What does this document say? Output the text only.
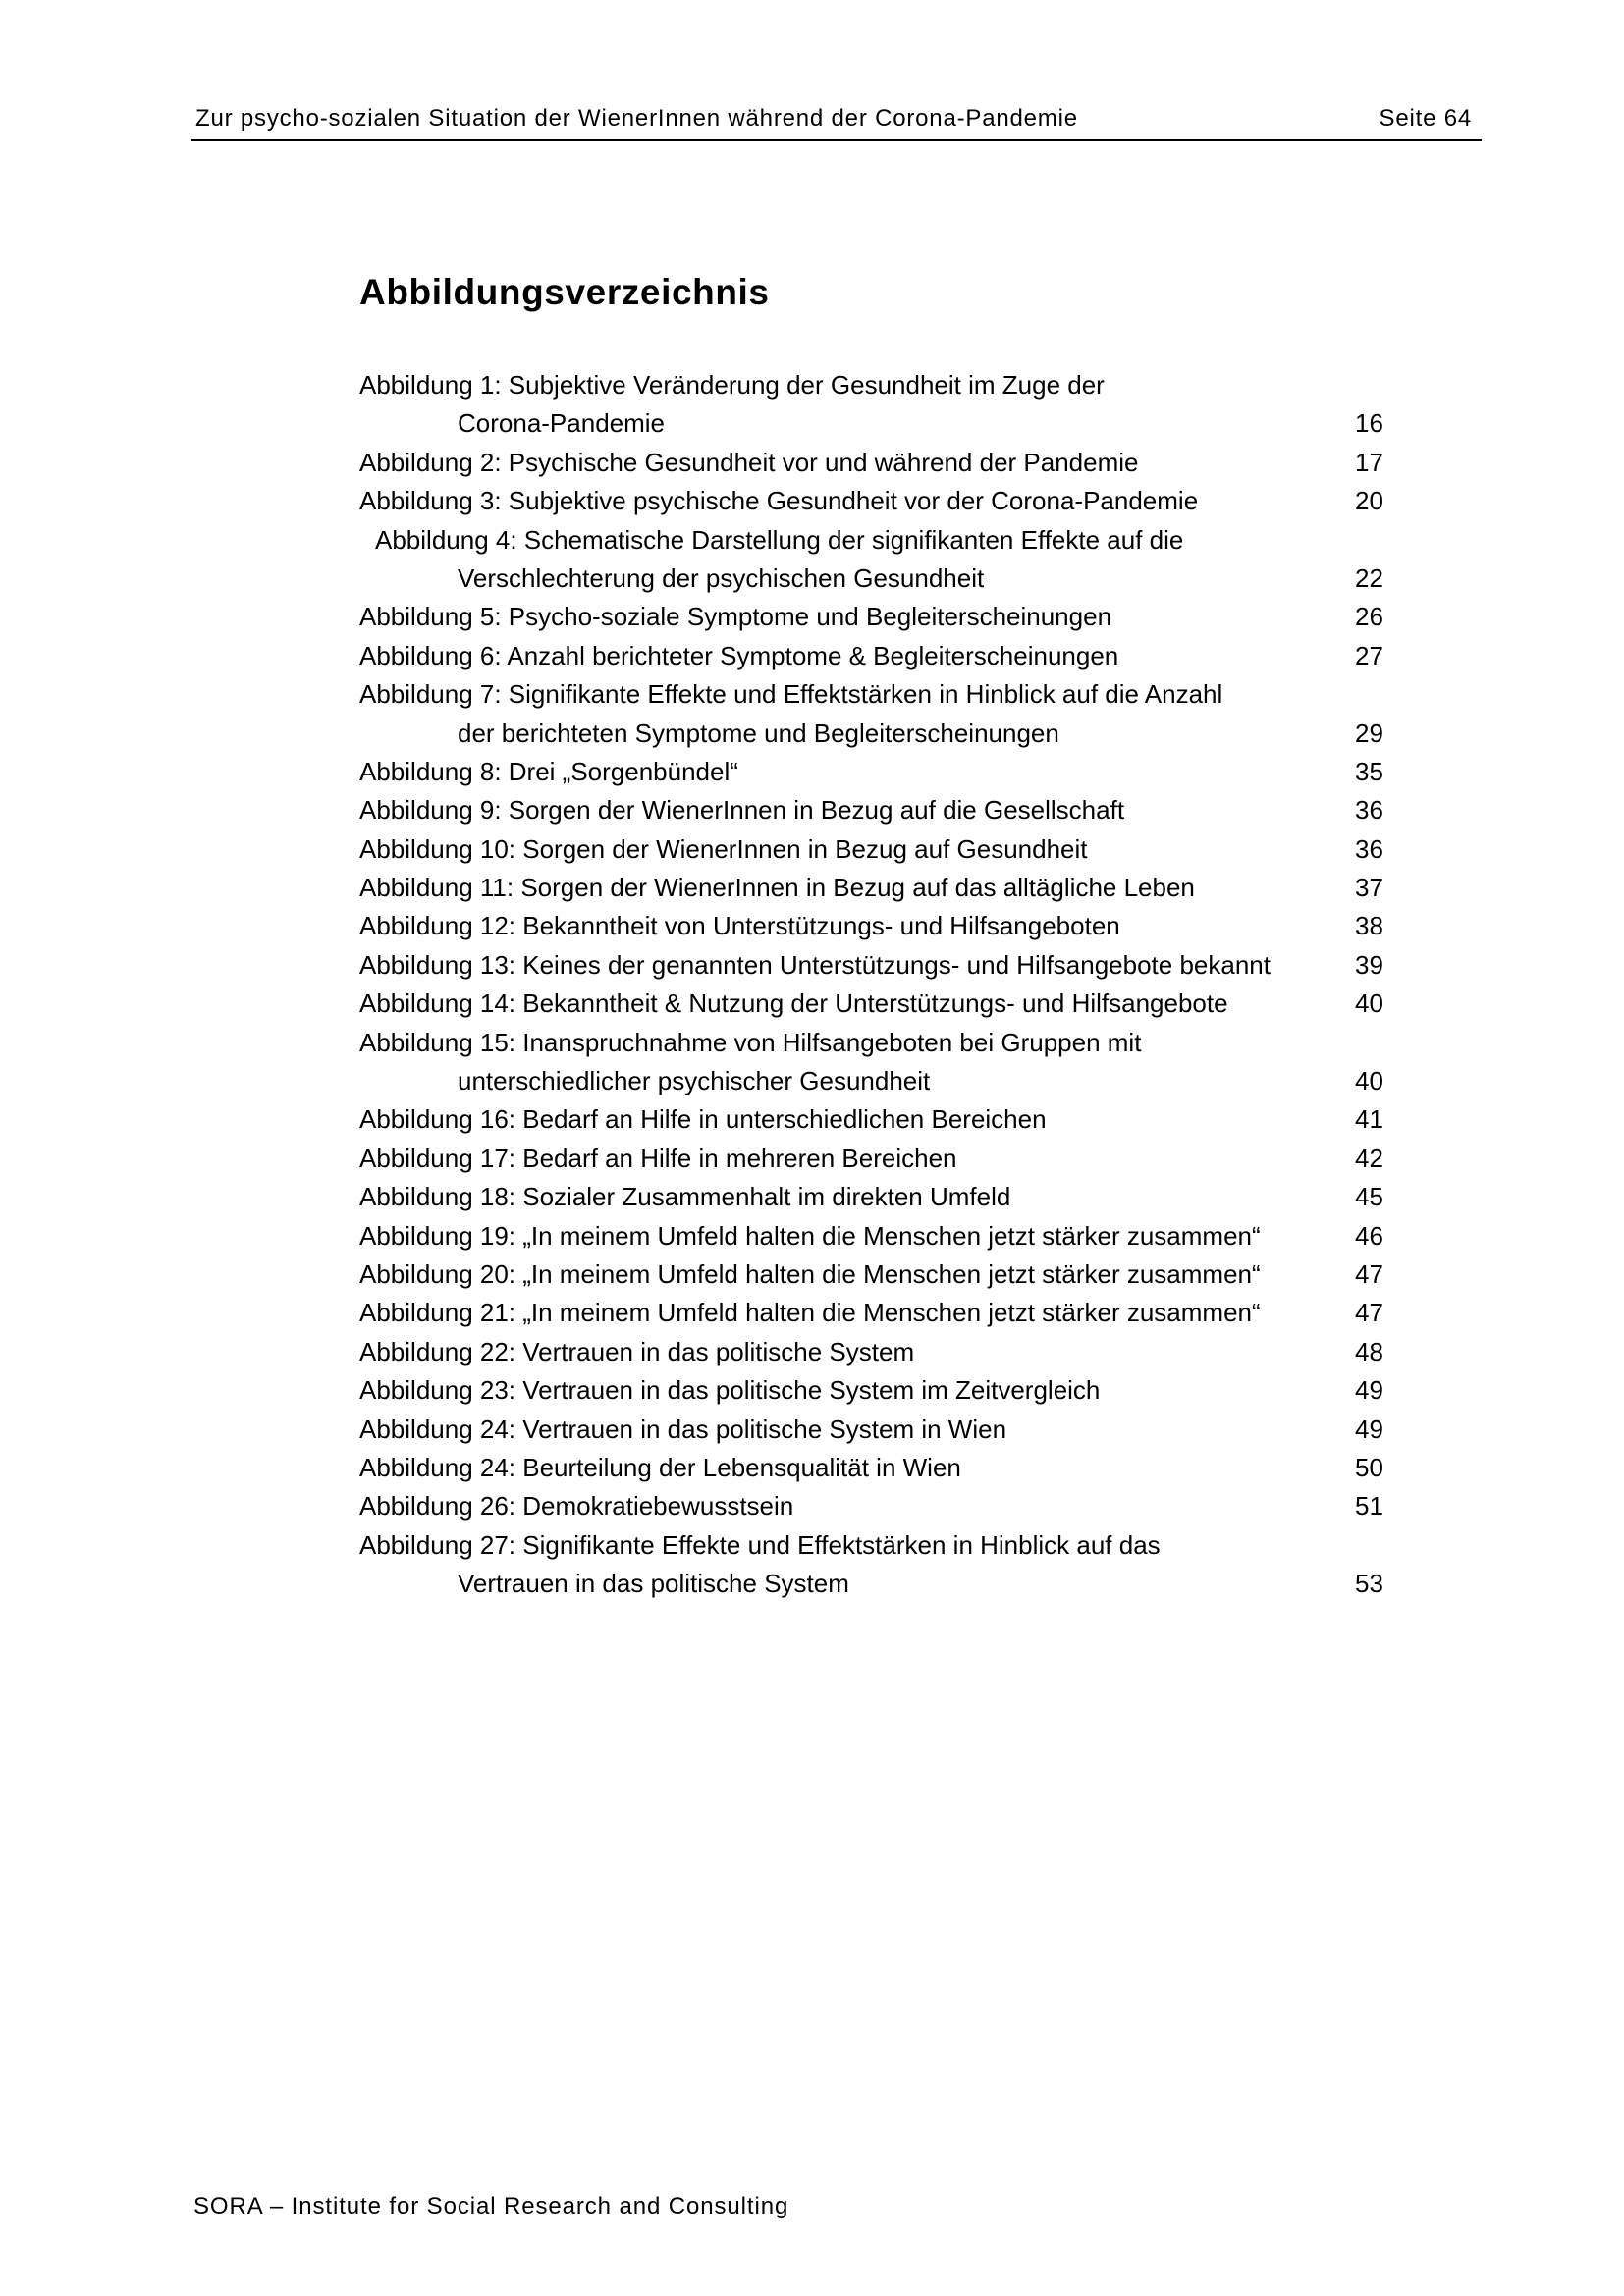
Zur psycho-sozialen Situation der WienerInnen während der Corona-Pandemie	Seite 64
Abbildungsverzeichnis
Abbildung 1: Subjektive Veränderung der Gesundheit im Zuge der
Corona-Pandemie	16
Abbildung 2: Psychische Gesundheit vor und während der Pandemie	17
Abbildung 3: Subjektive psychische Gesundheit vor der Corona-Pandemie	20
Abbildung 4: Schematische Darstellung der signifikanten Effekte auf die
Verschlechterung der psychischen Gesundheit	22
Abbildung 5: Psycho-soziale Symptome und Begleiterscheinungen	26
Abbildung 6: Anzahl berichteter Symptome & Begleiterscheinungen	27
Abbildung 7: Signifikante Effekte und Effektstärken in Hinblick auf die Anzahl
der berichteten Symptome und Begleiterscheinungen	29
Abbildung 8: Drei „Sorgenbündel“	35
Abbildung 9: Sorgen der WienerInnen in Bezug auf die Gesellschaft	36
Abbildung 10: Sorgen der WienerInnen in Bezug auf Gesundheit	36
Abbildung 11: Sorgen der WienerInnen in Bezug auf das alltägliche Leben	37
Abbildung 12: Bekanntheit von Unterstützungs- und Hilfsangeboten	38
Abbildung 13: Keines der genannten Unterstützungs- und Hilfsangebote bekannt	39
Abbildung 14: Bekanntheit & Nutzung der Unterstützungs- und Hilfsangebote	40
Abbildung 15: Inanspruchnahme von Hilfsangeboten bei Gruppen mit
unterschiedlicher psychischer Gesundheit	40
Abbildung 16: Bedarf an Hilfe in unterschiedlichen Bereichen	41
Abbildung 17: Bedarf an Hilfe in mehreren Bereichen	42
Abbildung 18: Sozialer Zusammenhalt im direkten Umfeld	45
Abbildung 19: „In meinem Umfeld halten die Menschen jetzt stärker zusammen“	46
Abbildung 20: „In meinem Umfeld halten die Menschen jetzt stärker zusammen“	47
Abbildung 21: „In meinem Umfeld halten die Menschen jetzt stärker zusammen“	47
Abbildung 22: Vertrauen in das politische System	48
Abbildung 23: Vertrauen in das politische System im Zeitvergleich	49
Abbildung 24: Vertrauen in das politische System in Wien	49
Abbildung 24: Beurteilung der Lebensqualität in Wien	50
Abbildung 26: Demokratiebewusstsein	51
Abbildung 27: Signifikante Effekte und Effektstärken in Hinblick auf das
Vertrauen in das politische System	53
SORA – Institute for Social Research and Consulting
